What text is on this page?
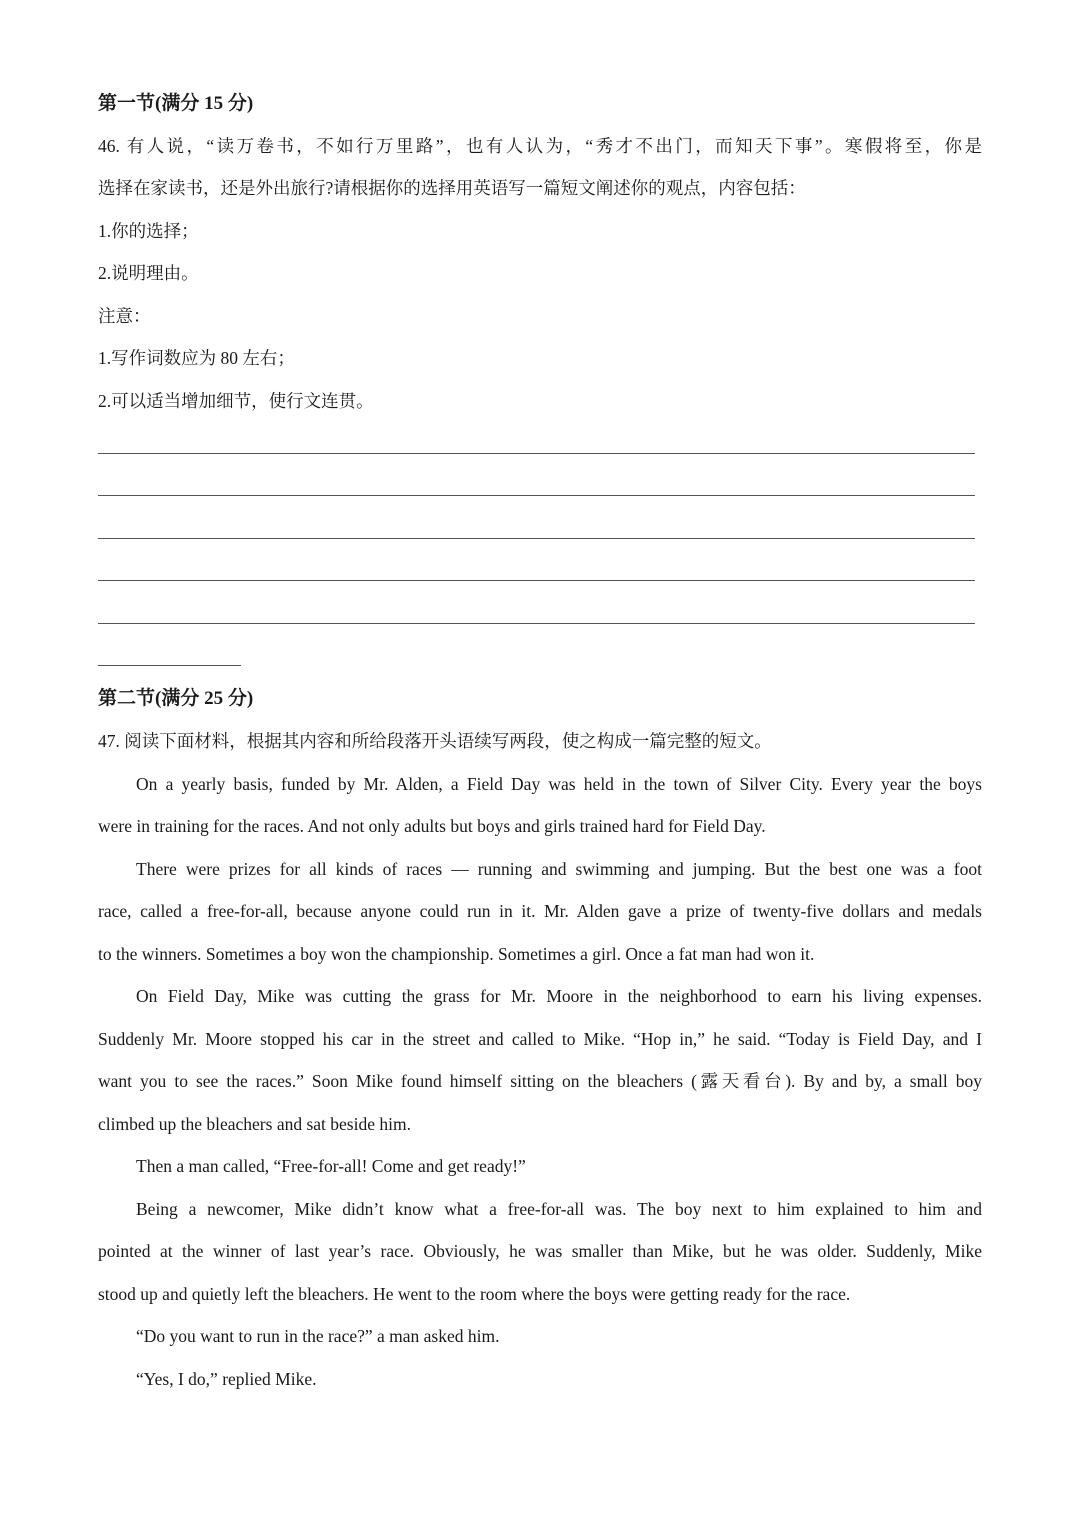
第一节(满分 15 分)
46. 有人说，“读万卷书，不如行万里路”，也有人认为，“秀才不出门，而知天下事”。寒假将至，你是
选择在家读书，还是外出旅行?请根据你的选择用英语写一篇短文阐述你的观点，内容包括：
1.你的选择；
2.说明理由。
注意：
1.写作词数应为 80 左右；
2.可以适当增加细节，使行文连贯。
第二节(满分 25 分)
47. 阅读下面材料，根据其内容和所给段落开头语续写两段，使之构成一篇完整的短文。
On a yearly basis, funded by Mr. Alden, a Field Day was held in the town of Silver City. Every year the boys
were in training for the races. And not only adults but boys and girls trained hard for Field Day.
There were prizes for all kinds of races — running and swimming and jumping. But the best one was a foot
race, called a free-for-all, because anyone could run in it. Mr. Alden gave a prize of twenty-five dollars and medals
to the winners. Sometimes a boy won the championship. Sometimes a girl. Once a fat man had won it.
On Field Day, Mike was cutting the grass for Mr. Moore in the neighborhood to earn his living expenses.
Suddenly Mr. Moore stopped his car in the street and called to Mike. “Hop in,” he said. “Today is Field Day, and I
want you to see the races.” Soon Mike found himself sitting on the bleachers (露天看台). By and by, a small boy
climbed up the bleachers and sat beside him.
Then a man called, “Free-for-all! Come and get ready!”
Being a newcomer, Mike didn’t know what a free-for-all was. The boy next to him explained to him and
pointed at the winner of last year’s race. Obviously, he was smaller than Mike, but he was older. Suddenly, Mike
stood up and quietly left the bleachers. He went to the room where the boys were getting ready for the race.
“Do you want to run in the race?” a man asked him.
“Yes, I do,” replied Mike.
